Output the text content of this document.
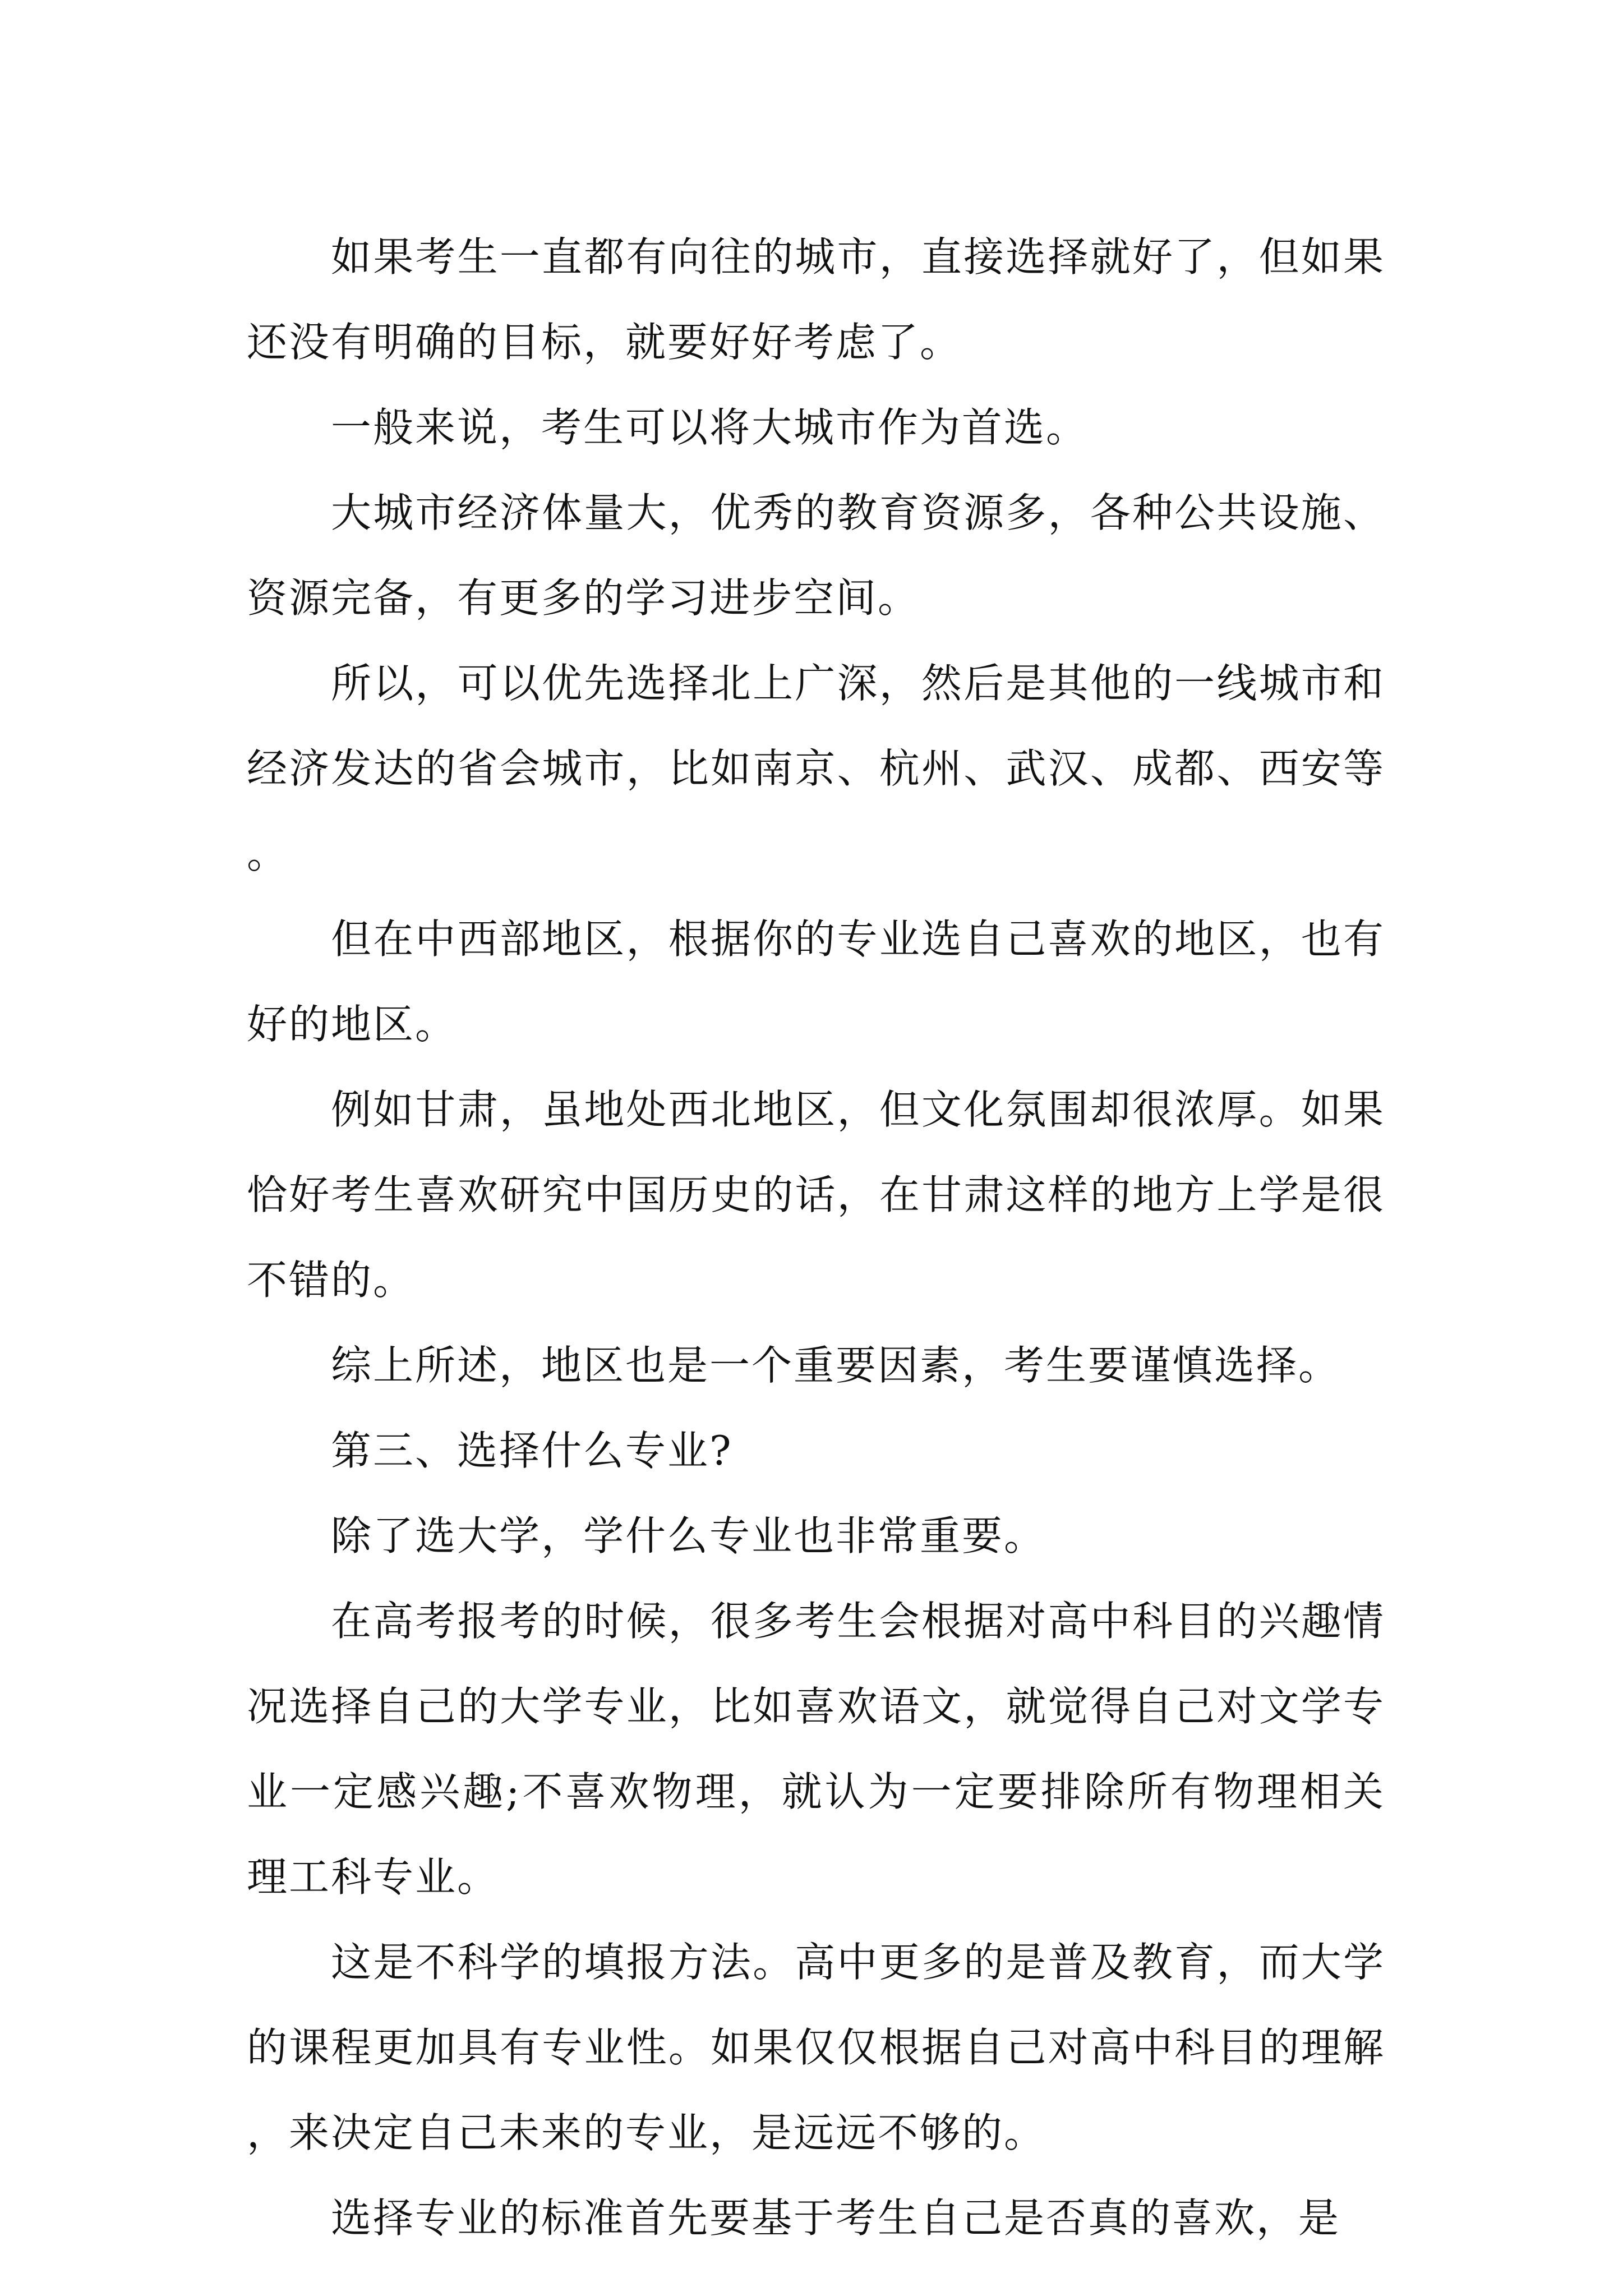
如果考生一直都有向往的城市，直接选择就好了，但如果还没有明确的目标，就要好好考虑了。

一般来说，考生可以将大城市作为首选。

大城市经济体量大，优秀的教育资源多，各种公共设施、资源完备，有更多的学习进步空间。

所以，可以优先选择北上广深，然后是其他的一线城市和经济发达的省会城市，比如南京、杭州、武汉、成都、西安等。

但在中西部地区，根据你的专业选自己喜欢的地区，也有好的地区。

例如甘肃，虽地处西北地区，但文化氛围却很浓厚。如果恰好考生喜欢研究中国历史的话，在甘肃这样的地方上学是很不错的。

综上所述，地区也是一个重要因素，考生要谨慎选择。

第三、选择什么专业?

除了选大学，学什么专业也非常重要。

在高考报考的时候，很多考生会根据对高中科目的兴趣情况选择自己的大学专业，比如喜欢语文，就觉得自己对文学专业一定感兴趣;不喜欢物理，就认为一定要排除所有物理相关理工科专业。

这是不科学的填报方法。高中更多的是普及教育，而大学的课程更加具有专业性。如果仅仅根据自己对高中科目的理解，来决定自己未来的专业，是远远不够的。

选择专业的标准首先要基于考生自己是否真的喜欢，是
